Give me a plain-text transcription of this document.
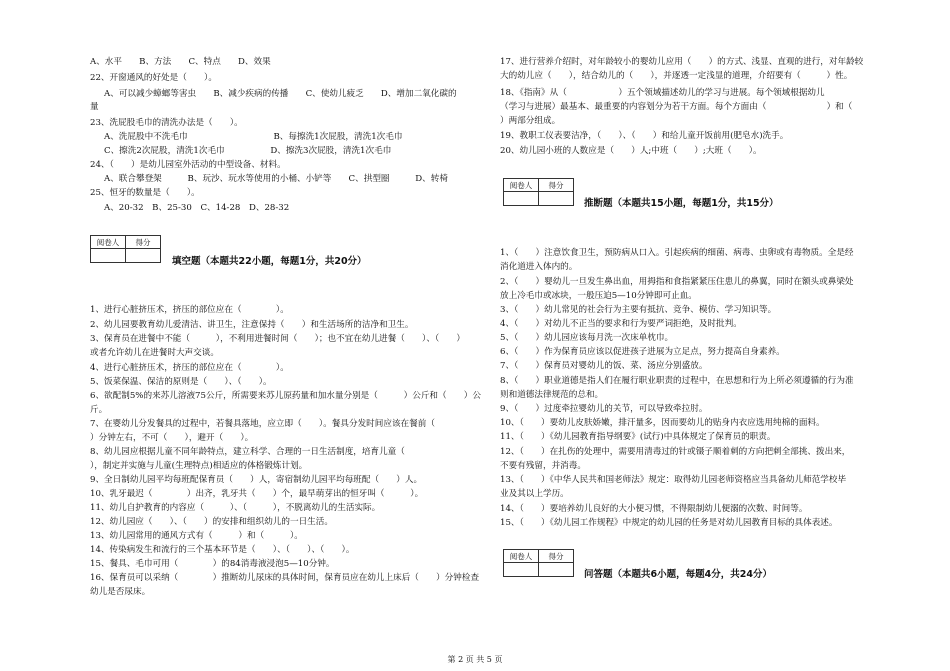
A、水平　　B、方法　　C、特点　　D、效果
22、开窗通风的好处是（　　）。
A、可以减少蟑螂等害虫　　B、减少疾病的传播　　C、使幼儿疲乏　　D、增加二氧化碳的
量
23、洗屁股毛巾的清洗办法是（　　）。
A、洗屁股中不洗毛巾　　　　　　　　　　B、每擦洗1次屁股，清洗1次毛巾
C、擦洗2次屁股，清洗1次毛巾　　　　　 D、擦洗3次屁股，清洗1次毛巾
24、（　　）是幼儿园室外活动的中型设备、材料。
A、联合攀登架　　　B、玩沙、玩水等使用的小桶、小铲等　　C、拱型圈　　　D、转椅
25、恒牙的数量是（　　）。
A、20-32　B、25-30　C、14-28　D、28-32
阅卷人	得分

填空题（本题共22小题，每题1分，共20分）
1、进行心脏挤压术，挤压的部位应在（　　　　）。
2、幼儿园要教育幼儿爱清洁、讲卫生，注意保持（　　）和生活场所的洁净和卫生。
3、保育员在进餐中不能（　　　），不利用进餐时间（　　）；也不宜在幼儿进餐（　　）、（　　）
或者允许幼儿在进餐时大声交谈。
4、进行心脏挤压术，挤压的部位应在（　　　　）。
5、饭菜保温、保洁的原则是（　　）、（　　）。
6、欲配制5%的来苏儿溶液75公斤，所需要来苏儿原药量和加水量分别是（　　　）公斤和（　　）公
斤。
7、在婴幼儿分发餐具的过程中，若餐具落地，应立即（　　）。餐具分发时间应该在餐前（　　
）分钟左右，不可（　　），避开（　　）。
8、幼儿园应根据儿童不同年龄特点，建立科学、合理的一日生活制度，培育儿童（　　
），制定并实施与儿童(生理特点)相适应的体格锻炼计划。
9、全日制幼儿园平均每班配保育员（　　）人，寄宿制幼儿园平均每班配（　　）人。
10、乳牙最迟（　　　　）出齐，乳牙共（　　）个，最早萌芽出的恒牙叫（　　　）。
11、幼儿自护教育的内容应（　　　）、（　　　），不脱离幼儿的生活实际。
12、幼儿园应（　　）、（　　）的安排和组织幼儿的一日生活。
13、幼儿园常用的通风方式有（　　　）和（　　　）。
14、传染病发生和流行的三个基本环节是（　　）、（　　）、（　　）。
15、餐具、毛巾可用（　　　　）的84消毒液浸泡5—10分钟。
16、保育员可以采纳（　　　　）推断幼儿尿床的具体时间，保育员应在幼儿上床后（　　）分钟检查
幼儿是否尿床。
17、进行营养介绍时，对年龄较小的婴幼儿应用（　　）的方式、浅显、直观的进行，对年龄较
大的幼儿应（　　），结合幼儿的（　　），并逐透一定浅显的道理，介绍要有（　　　）性。
18、《指南》从（　　　　　　）五个领域描述幼儿的学习与进展。每个领域根据幼儿
（学习与进展）最基本、最重要的内容划分为若干方面。每个方面由（　　　　　　　）和（
）两部分组成。
19、教职工仪表要洁净，（　　）、（　　）和给儿童开饭前用(肥皂水)洗手。
20、幼儿园小班的人数应是（　　）人;中班（　　）;大班（　　）。
阅卷人	得分

推断题（本题共15小题，每题1分，共15分）
1、（　　）注意饮食卫生，预防病从口入。引起疾病的细菌、病毒、虫卵或有毒物质。全是经
消化道进入体内的。
2、（　　）婴幼儿一旦发生鼻出血，用拇指和食指紧紧压住患儿的鼻翼，同时在额头或鼻梁处
放上冷毛巾或冰块，一般压迫5—10分钟即可止血。
3、（　　）幼儿常见的社会行为主要有抵抗、竞争、模仿、学习知识等。
4、（　　）对幼儿不正当的要求和行为要严词拒绝，及时批判。
5、（　　）幼儿园应该每月洗一次床单枕巾。
6、（　　）作为保育员应该以促进孩子进展为立足点，努力提高自身素养。
7、（　　）保育员对婴幼儿的饭、菜、汤应分别盛放。
8、（　　）职业道德是指人们在履行职业职责的过程中，在思想和行为上所必须遵循的行为准
则和道德法律规范的总和。
9、（　　）过度牵拉婴幼儿的关节，可以导致牵拉肘。
10、（　　）要幼儿皮肤娇嫩，排汗量多，因而要幼儿的贴身内衣应选用纯棉的面料。
11、（　　）《幼儿园教育指导纲要》(试行)中具体规定了保育员的职责。
12、（　　）在扎伤的处理中，需要用清毒过的针或镊子顺着刺的方向把刺全部挑、拨出来，
不要有残留，并消毒。
13、（　　）《中华人民共和国老师法》规定：取得幼儿园老师资格应当具备幼儿师范学校毕
业及其以上学历。
14、（　　）要培养幼儿良好的大小便习惯，不得限制幼儿便溺的次数、时间等。
15、（　　）《幼儿园工作规程》中规定的幼儿园的任务是对幼儿园教育目标的具体表述。
阅卷人	得分

问答题（本题共6小题，每题4分，共24分）
第 2 页 共 5 页
